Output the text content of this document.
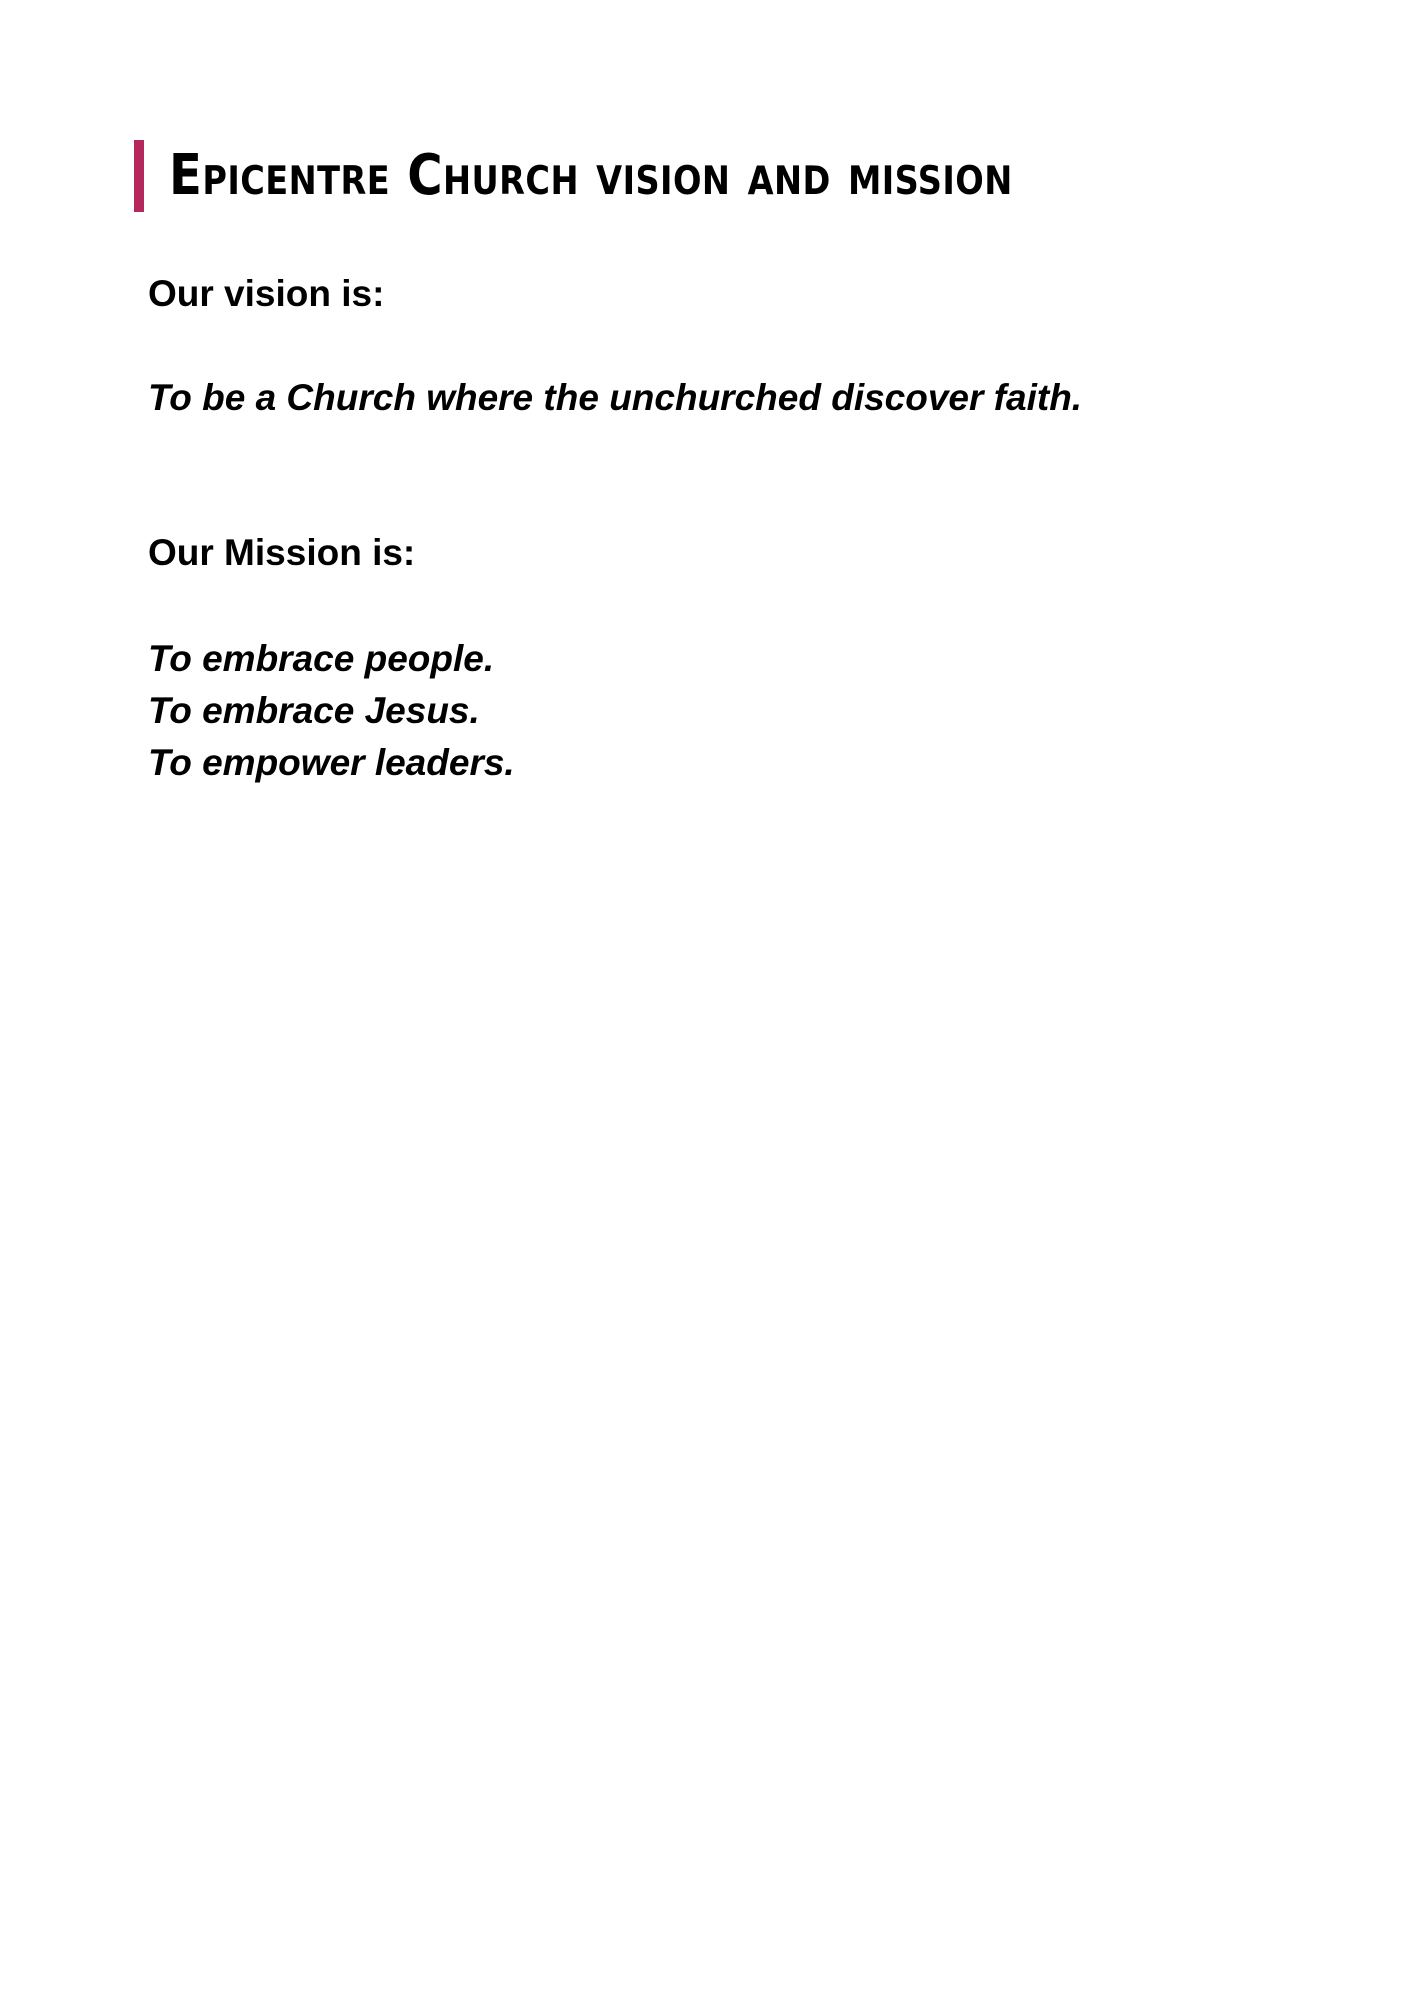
Epicentre Church vision and mission
Our vision is:
To be a Church where the unchurched discover faith.
Our Mission is:
To embrace people.
To embrace Jesus.
To empower leaders.
